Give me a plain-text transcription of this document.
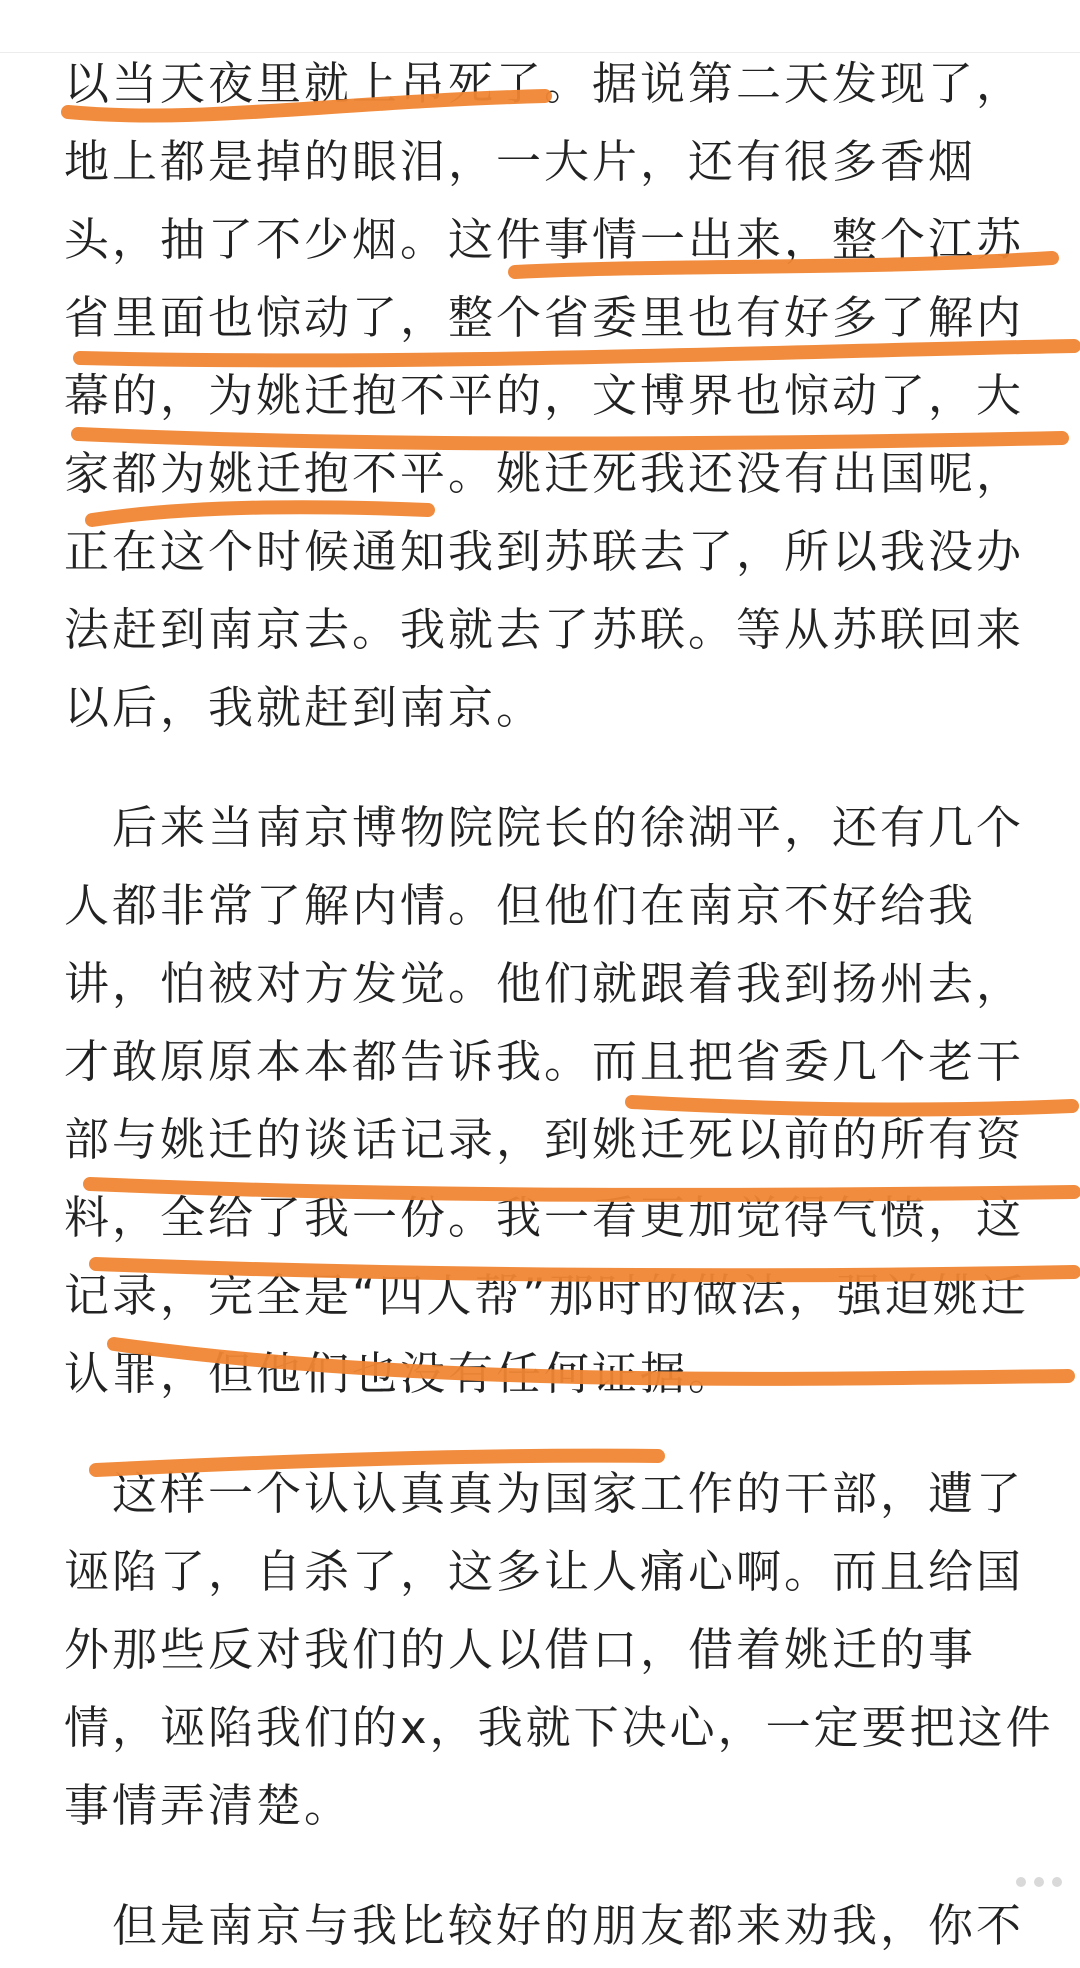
以当天夜里就上吊死了。据说第二天发现了，
地上都是掉的眼泪，一大片，还有很多香烟
头，抽了不少烟。这件事情一出来，整个江苏
省里面也惊动了，整个省委里也有好多了解内
幕的，为姚迁抱不平的，文博界也惊动了，大
家都为姚迁抱不平。姚迁死我还没有出国呢，
正在这个时候通知我到苏联去了，所以我没办
法赶到南京去。我就去了苏联。等从苏联回来
以后，我就赶到南京。
　后来当南京博物院院长的徐湖平，还有几个
人都非常了解内情。但他们在南京不好给我
讲，怕被对方发觉。他们就跟着我到扬州去，
才敢原原本本都告诉我。而且把省委几个老干
部与姚迁的谈话记录，到姚迁死以前的所有资
料，全给了我一份。我一看更加觉得气愤，这
记录，完全是“四人帮”那时的做法，强迫姚迁
认罪，但他们也没有任何证据。
　这样一个认认真真为国家工作的干部，遭了
诬陷了，自杀了，这多让人痛心啊。而且给国
外那些反对我们的人以借口，借着姚迁的事
情，诬陷我们的x，我就下决心，一定要把这件
事情弄清楚。
　但是南京与我比较好的朋友都来劝我，你不
